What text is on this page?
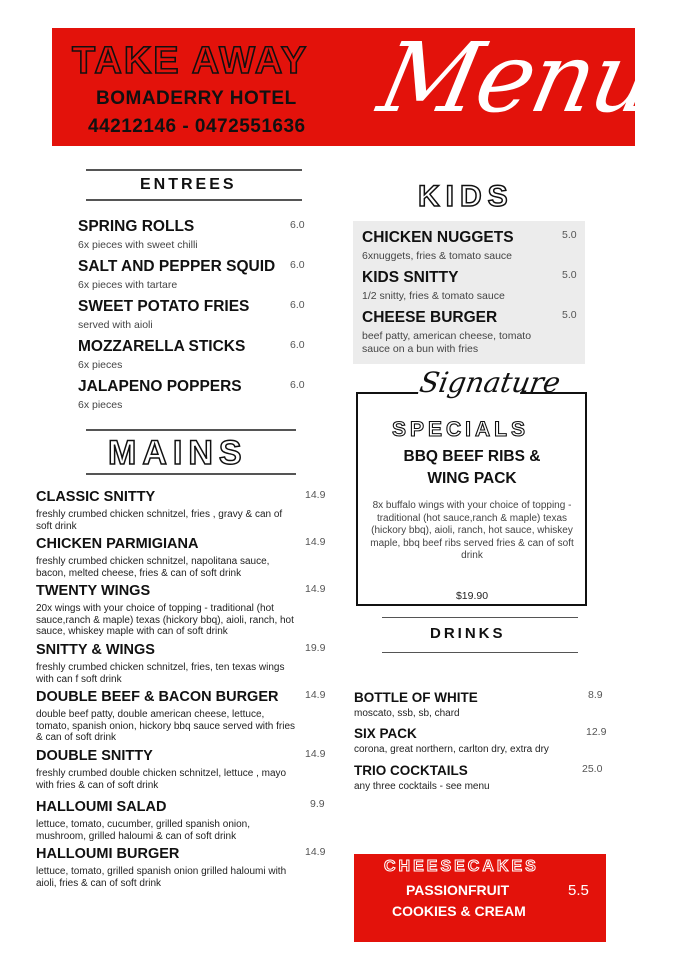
TAKE AWAY
BOMADERRY HOTEL
44212146 - 0472551636 Menu
ENTREES
SPRING ROLLS
6x pieces with sweet chilli
6.0
SALT AND PEPPER SQUID
6x pieces with tartare
6.0
SWEET POTATO FRIES
served with aioli
6.0
MOZZARELLA STICKS
6x pieces
6.0
JALAPENO POPPERS
6x pieces
6.0
MAINS
CLASSIC SNITTY
freshly crumbed chicken schnitzel, fries , gravy & can of soft drink
14.9
CHICKEN PARMIGIANA
freshly crumbed chicken schnitzel, napolitana sauce, bacon, melted cheese, fries & can of soft drink
14.9
TWENTY WINGS
20x wings with your choice of topping - traditional (hot sauce,ranch & maple) texas (hickory bbq), aioli, ranch, hot sauce, whiskey maple with can of soft drink
14.9
SNITTY & WINGS
freshly crumbed chicken schnitzel, fries, ten texas wings with can f soft drink
19.9
DOUBLE BEEF & BACON BURGER
double beef patty, double american cheese, lettuce, tomato, spanish onion, hickory bbq sauce served with fries & can of soft drink
14.9
DOUBLE SNITTY
freshly crumbed double chicken schnitzel, lettuce , mayo with fries & can of soft drink
14.9
HALLOUMI SALAD
lettuce, tomato, cucumber, grilled spanish onion, mushroom, grilled haloumi & can of soft drink
9.9
HALLOUMI BURGER
lettuce, tomato, grilled spanish onion grilled haloumi with aioli, fries & can of soft drink
14.9
KIDS
CHICKEN NUGGETS
6xnuggets, fries & tomato sauce
5.0
KIDS SNITTY
1/2 snitty, fries & tomato sauce
5.0
CHEESE BURGER
beef patty, american cheese, tomato sauce on a bun with fries
5.0
Signature
SPECIALS
BBQ BEEF RIBS &
WING PACK
8x buffalo wings with your choice of topping - traditional (hot sauce,ranch & maple) texas (hickory bbq), aioli, ranch, hot sauce, whiskey maple, bbq beef ribs served fries & can of soft drink
$19.90
DRINKS
BOTTLE OF WHITE
moscato, ssb, sb, chard
8.9
SIX PACK
corona, great northern, carlton dry, extra dry
12.9
TRIO COCKTAILS
any three cocktails - see menu
25.0
CHEESECAKES
PASSIONFRUIT
COOKIES & CREAM
5.5
